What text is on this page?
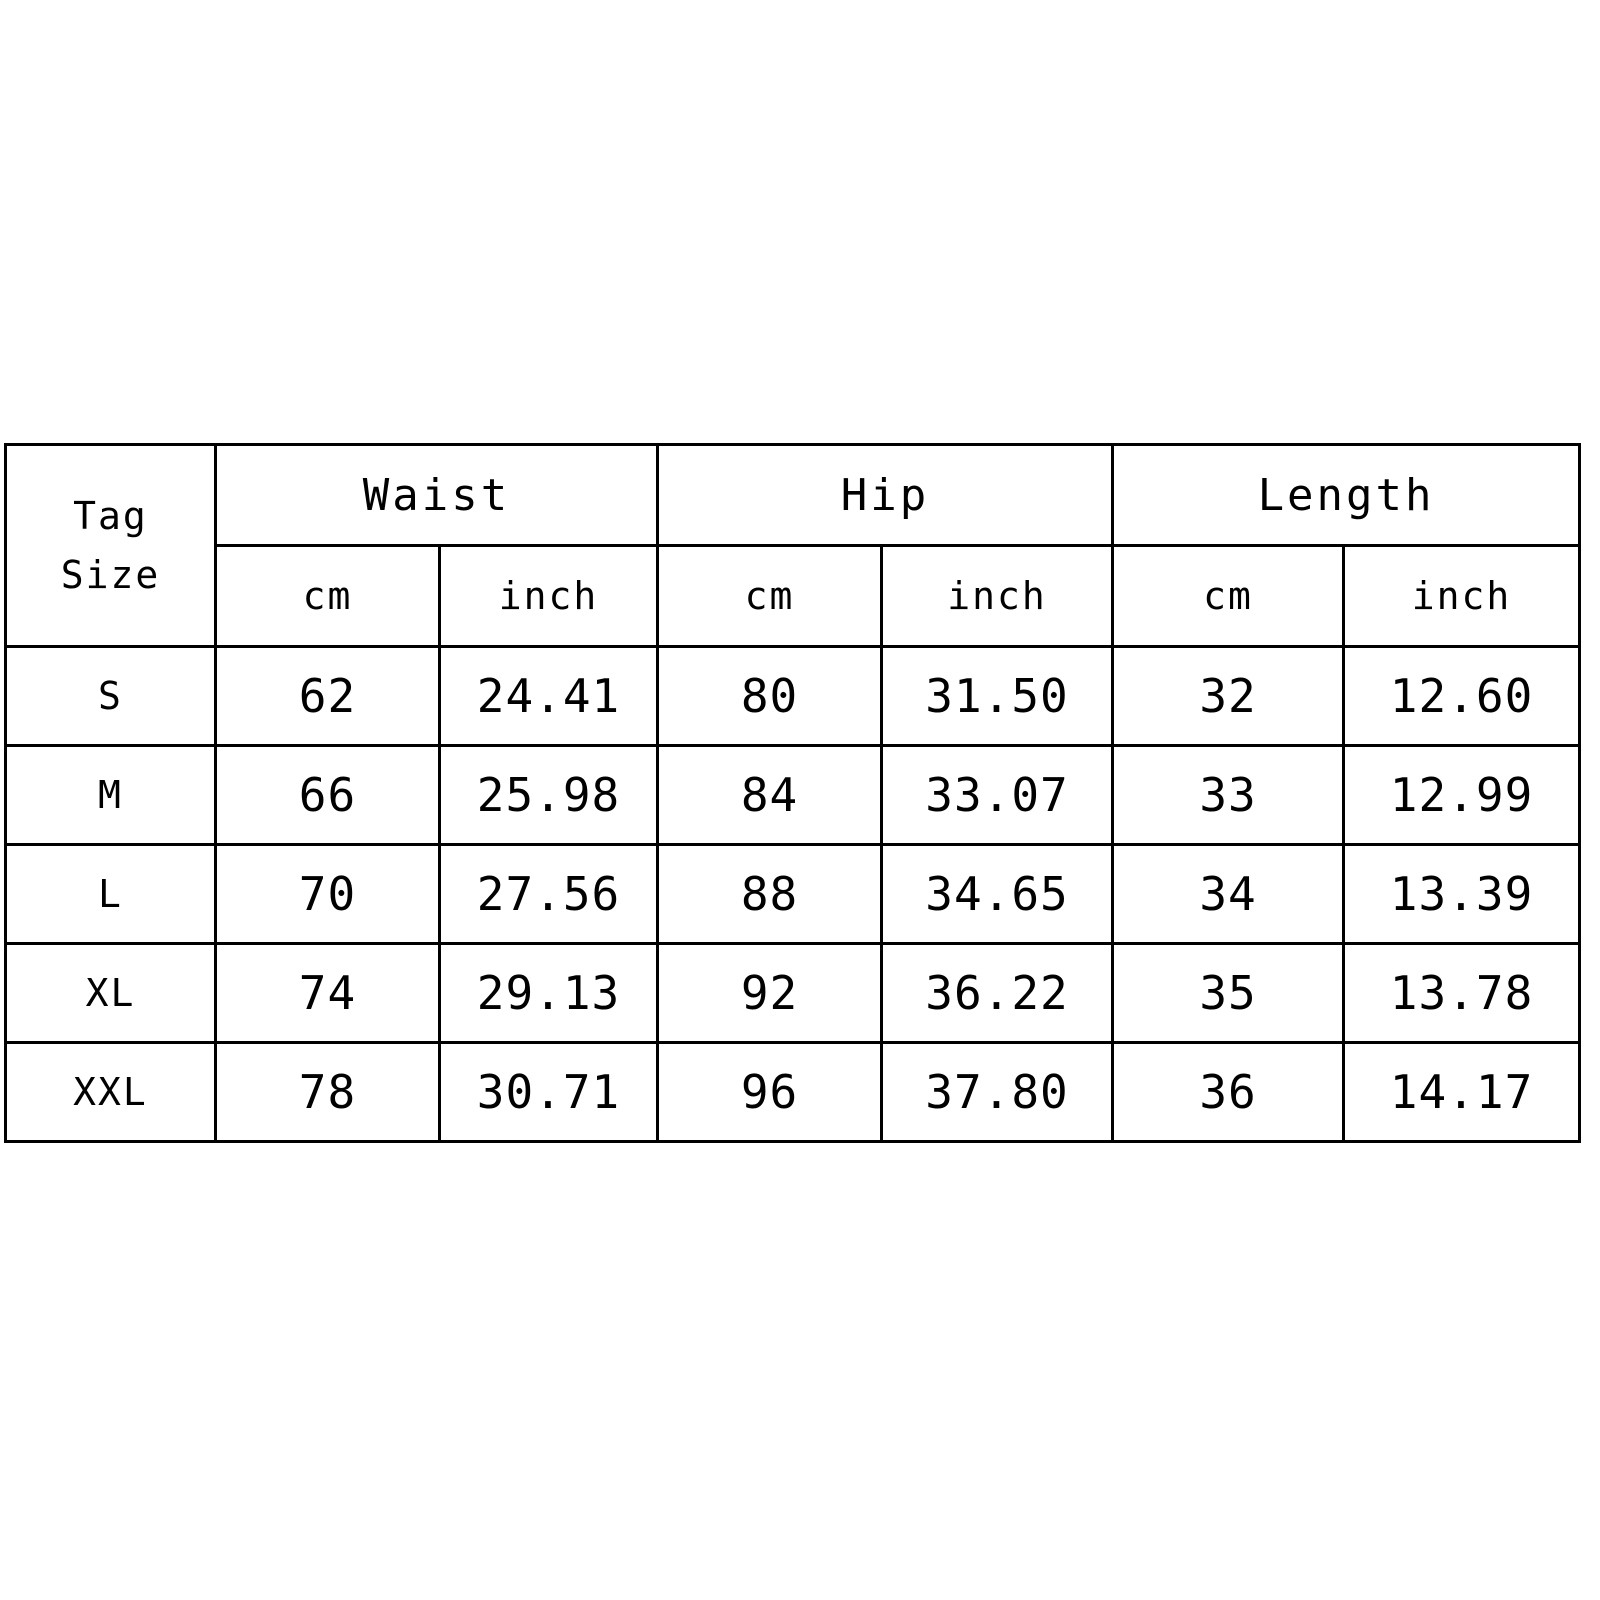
Tag
Size	Waist		Hip		Length	
	cm	inch	cm	inch	cm	inch
S	62	24.41	80	31.50	32	12.60
M	66	25.98	84	33.07	33	12.99
L	70	27.56	88	34.65	34	13.39
XL	74	29.13	92	36.22	35	13.78
XXL	78	30.71	96	37.80	36	14.17
